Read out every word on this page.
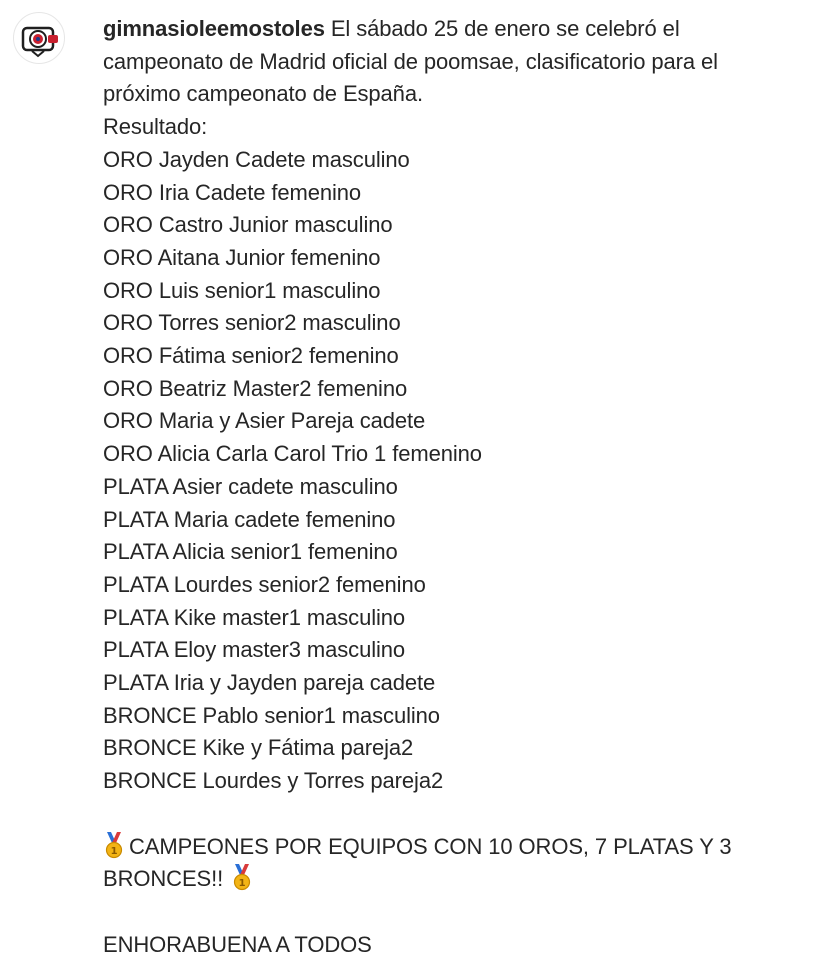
gimnasioleemostoles El sábado 25 de enero se celebró el
campeonato de Madrid oficial de poomsae, clasificatorio para el
próximo campeonato de España.
Resultado:
ORO Jayden Cadete masculino
ORO Iria Cadete femenino
ORO Castro Junior masculino
ORO Aitana Junior femenino
ORO Luis senior1 masculino
ORO Torres senior2 masculino
ORO Fátima senior2 femenino
ORO Beatriz Master2 femenino
ORO Maria y Asier Pareja cadete
ORO Alicia Carla Carol Trio 1 femenino
PLATA Asier cadete masculino
PLATA Maria cadete femenino
PLATA Alicia senior1 femenino
PLATA Lourdes senior2 femenino
PLATA Kike master1 masculino
PLATA Eloy master3 masculino
PLATA Iria y Jayden pareja cadete
BRONCE Pablo senior1 masculino
BRONCE Kike y Fátima pareja2
BRONCE Lourdes y Torres pareja2
1 CAMPEONES POR EQUIPOS CON 10 OROS, 7 PLATAS Y 3
BRONCES!! 1
ENHORABUENA A TODOS
